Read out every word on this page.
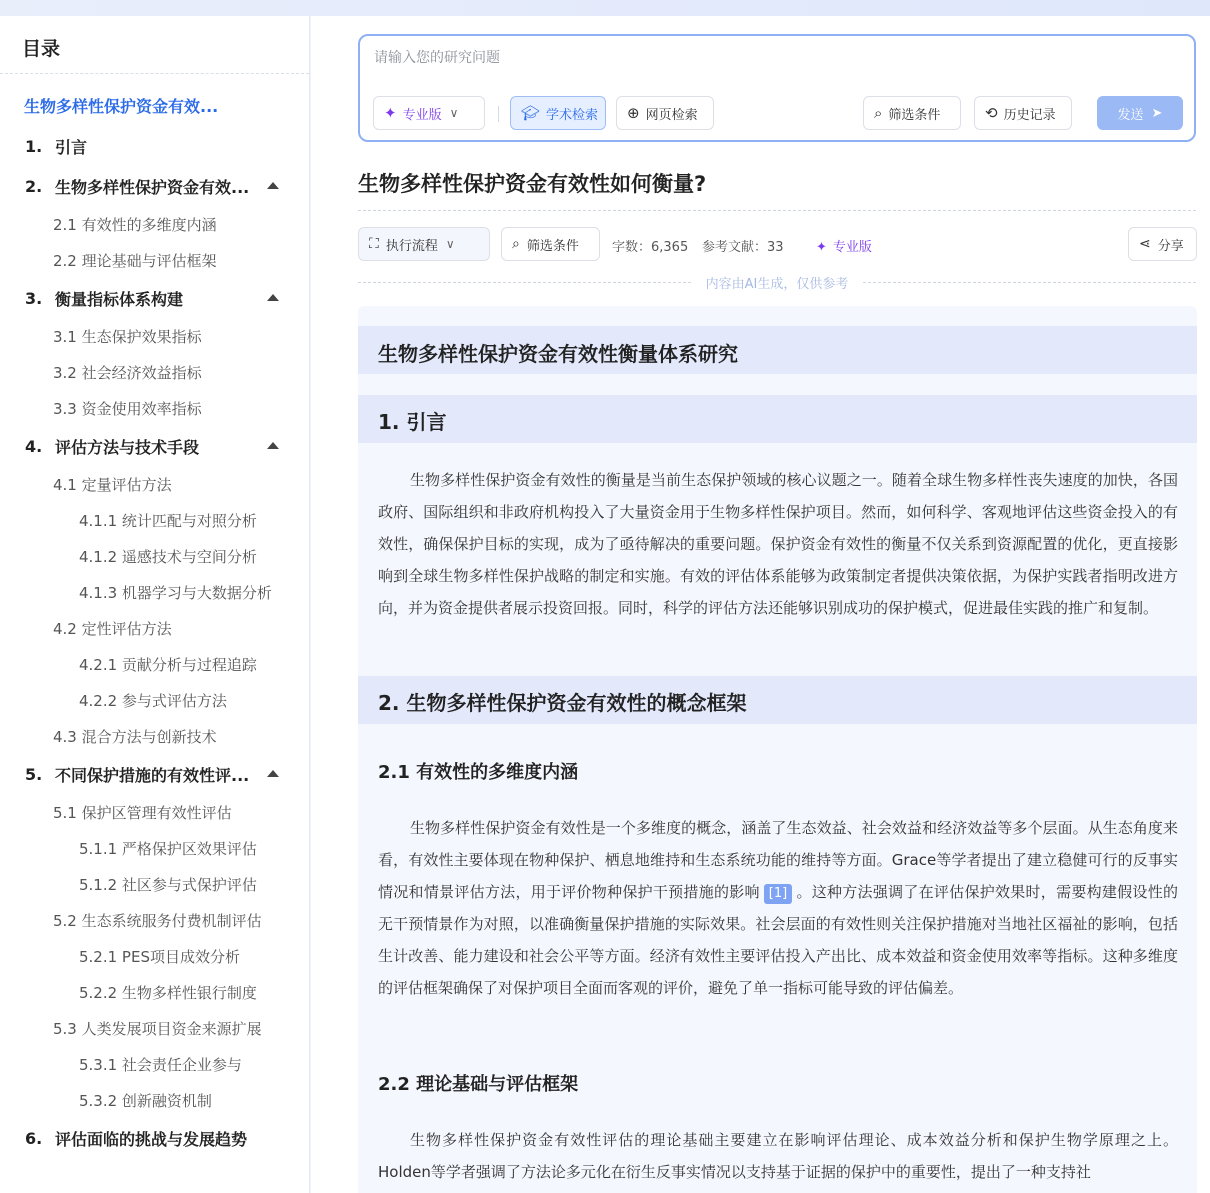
目录
生物多样性保护资金有效...
1. 引言
2. 生物多样性保护资金有效...
2.1 有效性的多维度内涵
2.2 理论基础与评估框架
3. 衡量指标体系构建
3.1 生态保护效果指标
3.2 社会经济效益指标
3.3 资金使用效率指标
4. 评估方法与技术手段
4.1 定量评估方法
4.1.1 统计匹配与对照分析
4.1.2 遥感技术与空间分析
4.1.3 机器学习与大数据分析
4.2 定性评估方法
4.2.1 贡献分析与过程追踪
4.2.2 参与式评估方法
4.3 混合方法与创新技术
5. 不同保护措施的有效性评...
5.1 保护区管理有效性评估
5.1.1 严格保护区效果评估
5.1.2 社区参与式保护评估
5.2 生态系统服务付费机制评估
5.2.1 PES项目成效分析
5.2.2 生物多样性银行制度
5.3 人类发展项目资金来源扩展
5.3.1 社会责任企业参与
5.3.2 创新融资机制
6. 评估面临的挑战与发展趋势
请输入您的研究问题
✦ 专业版 ∨	🎓︎ 学术检索 ⊕ 网页检索	⌕ 筛选条件	⟲ 历史记录	发送 ➤
生物多样性保护资金有效性如何衡量?
⛶ 执行流程 ∨	⌕ 筛选条件	字数：6,365 参考文献：33 ✦ 专业版	⋖ 分享
内容由AI生成，仅供参考
生物多样性保护资金有效性衡量体系研究
1. 引言

生物多样性保护资金有效性的衡量是当前生态保护领域的核心议题之一。随着全球生物多样性丧失速度的加快，各国政府、国际组织和非政府机构投入了大量资金用于生物多样性保护项目。然而，如何科学、客观地评估这些资金投入的有效性，确保保护目标的实现，成为了亟待解决的重要问题。保护资金有效性的衡量不仅关系到资源配置的优化，更直接影响到全球生物多样性保护战略的制定和实施。有效的评估体系能够为政策制定者提供决策依据，为保护实践者指明改进方向，并为资金提供者展示投资回报。同时，科学的评估方法还能够识别成功的保护模式，促进最佳实践的推广和复制。

2. 生物多样性保护资金有效性的概念框架
2.1 有效性的多维度内涵

生物多样性保护资金有效性是一个多维度的概念，涵盖了生态效益、社会效益和经济效益等多个层面。从生态角度来看，有效性主要体现在物种保护、栖息地维持和生态系统功能的维持等方面。Grace等学者提出了建立稳健可行的反事实情况和情景评估方法，用于评价物种保护干预措施的影响 [1] 。这种方法强调了在评估保护效果时，需要构建假设性的无干预情景作为对照，以准确衡量保护措施的实际效果。社会层面的有效性则关注保护措施对当地社区福祉的影响，包括生计改善、能力建设和社会公平等方面。经济有效性主要评估投入产出比、成本效益和资金使用效率等指标。这种多维度的评估框架确保了对保护项目全面而客观的评价，避免了单一指标可能导致的评估偏差。

2.2 理论基础与评估框架

生物多样性保护资金有效性评估的理论基础主要建立在影响评估理论、成本效益分析和保护生物学原理之上。Holden等学者强调了方法论多元化在衍生反事实情况以支持基于证据的保护中的重要性，提出了一种支持社
